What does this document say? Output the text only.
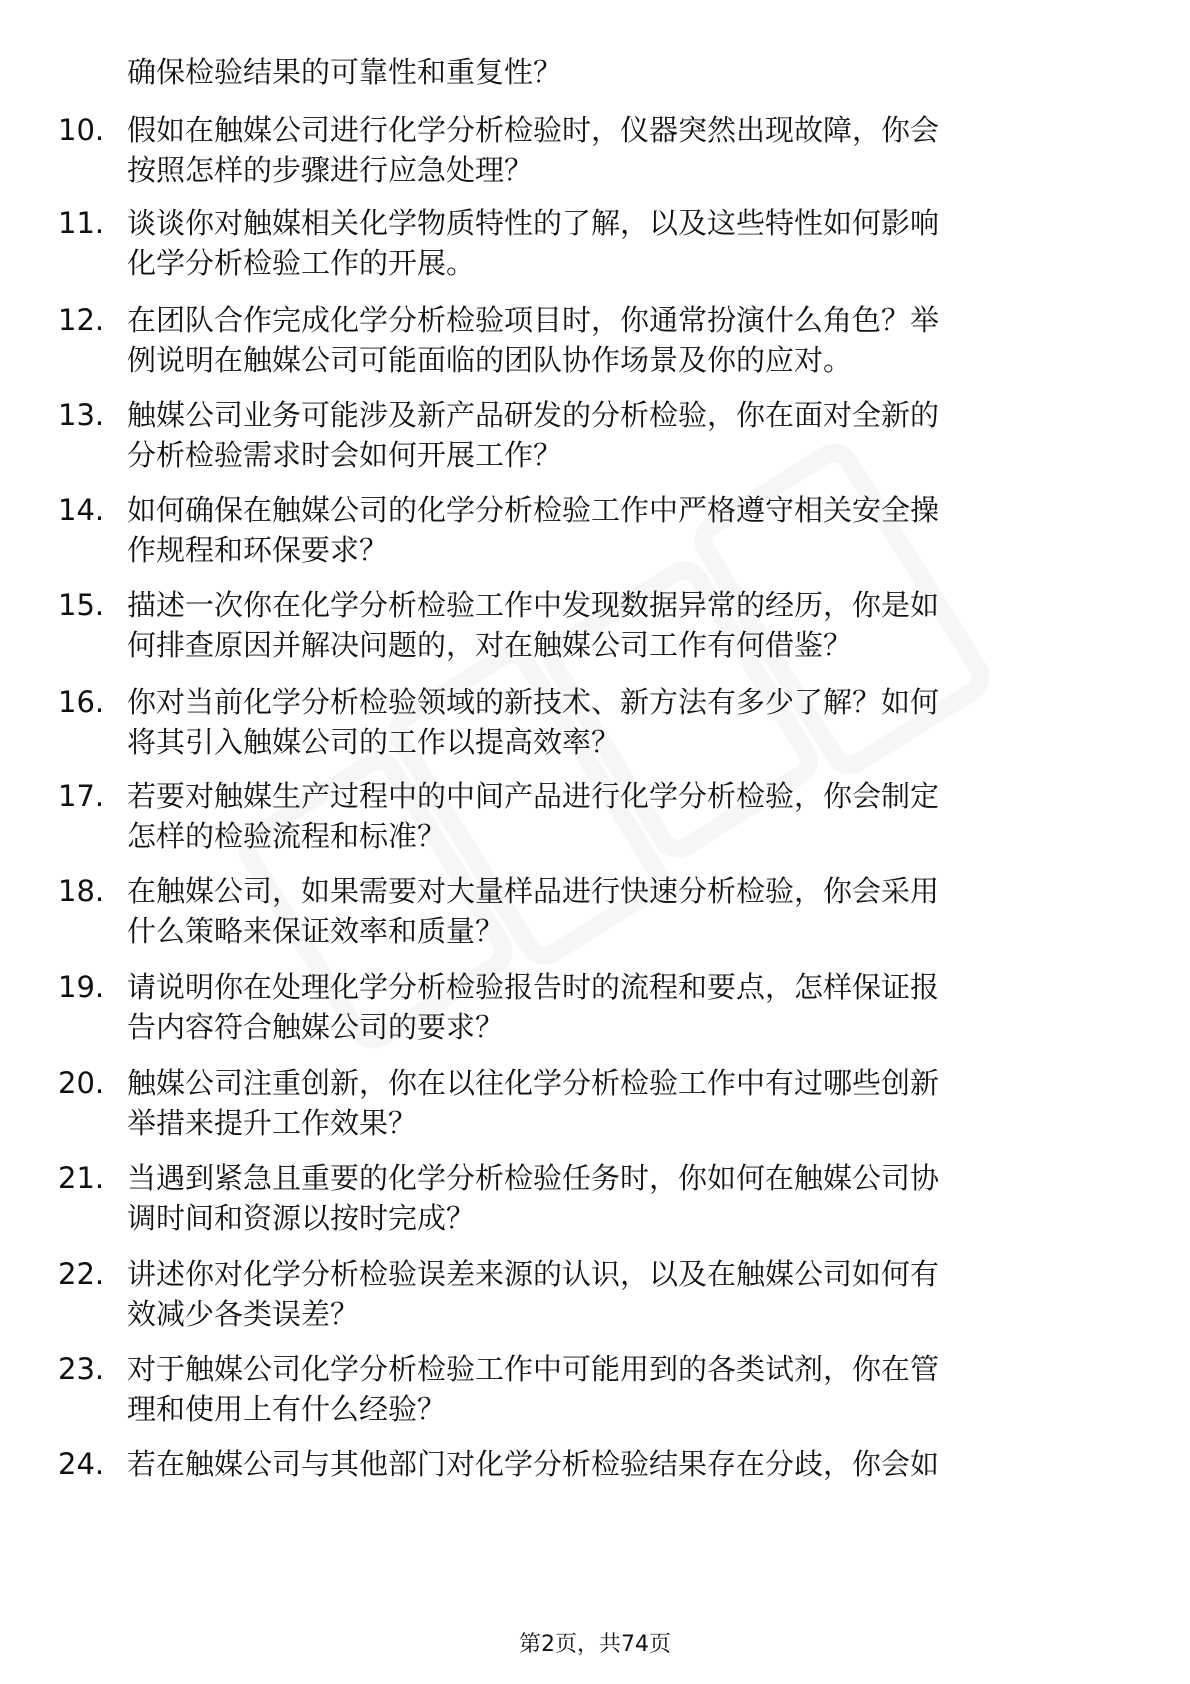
确保检验结果的可靠性和重复性？
10. 假如在触媒公司进行化学分析检验时，仪器突然出现故障，你会
按照怎样的步骤进行应急处理？
11. 谈谈你对触媒相关化学物质特性的了解，以及这些特性如何影响
化学分析检验工作的开展。
12. 在团队合作完成化学分析检验项目时，你通常扮演什么角色？举
例说明在触媒公司可能面临的团队协作场景及你的应对。
13. 触媒公司业务可能涉及新产品研发的分析检验，你在面对全新的
分析检验需求时会如何开展工作？
14. 如何确保在触媒公司的化学分析检验工作中严格遵守相关安全操
作规程和环保要求？
15. 描述一次你在化学分析检验工作中发现数据异常的经历，你是如
何排查原因并解决问题的，对在触媒公司工作有何借鉴？
16. 你对当前化学分析检验领域的新技术、新方法有多少了解？如何
将其引入触媒公司的工作以提高效率？
17. 若要对触媒生产过程中的中间产品进行化学分析检验，你会制定
怎样的检验流程和标准？
18. 在触媒公司，如果需要对大量样品进行快速分析检验，你会采用
什么策略来保证效率和质量？
19. 请说明你在处理化学分析检验报告时的流程和要点，怎样保证报
告内容符合触媒公司的要求？
20. 触媒公司注重创新，你在以往化学分析检验工作中有过哪些创新
举措来提升工作效果？
21. 当遇到紧急且重要的化学分析检验任务时，你如何在触媒公司协
调时间和资源以按时完成？
22. 讲述你对化学分析检验误差来源的认识，以及在触媒公司如何有
效减少各类误差？
23. 对于触媒公司化学分析检验工作中可能用到的各类试剂，你在管
理和使用上有什么经验？
24. 若在触媒公司与其他部门对化学分析检验结果存在分歧，你会如
第2页，共74页
